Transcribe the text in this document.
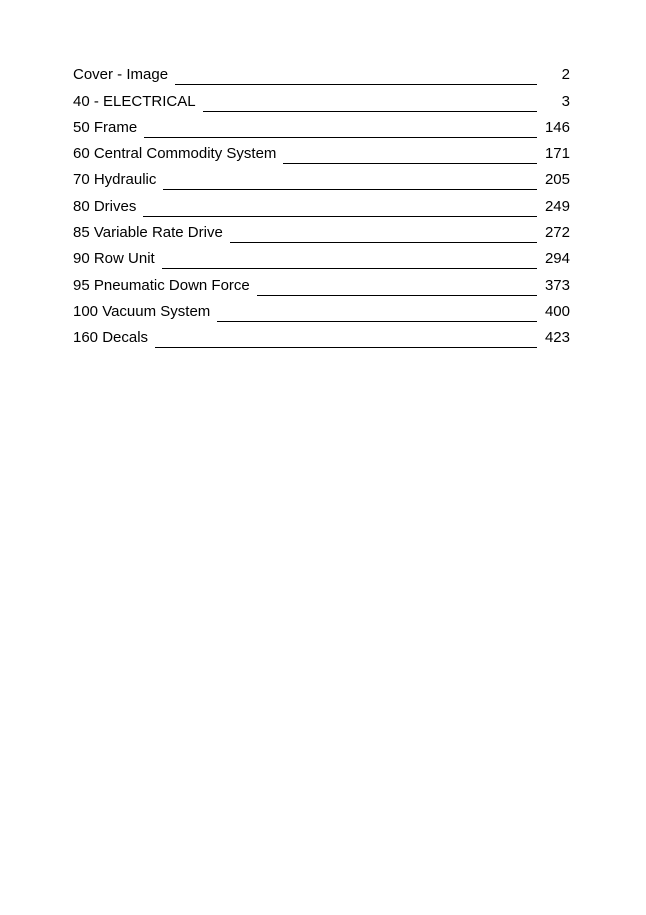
Cover - Image	2
40 - ELECTRICAL	3
50 Frame	146
60 Central Commodity System	171
70 Hydraulic	205
80 Drives	249
85 Variable Rate Drive	272
90 Row Unit	294
95 Pneumatic Down Force	373
100 Vacuum System	400
160 Decals	423
